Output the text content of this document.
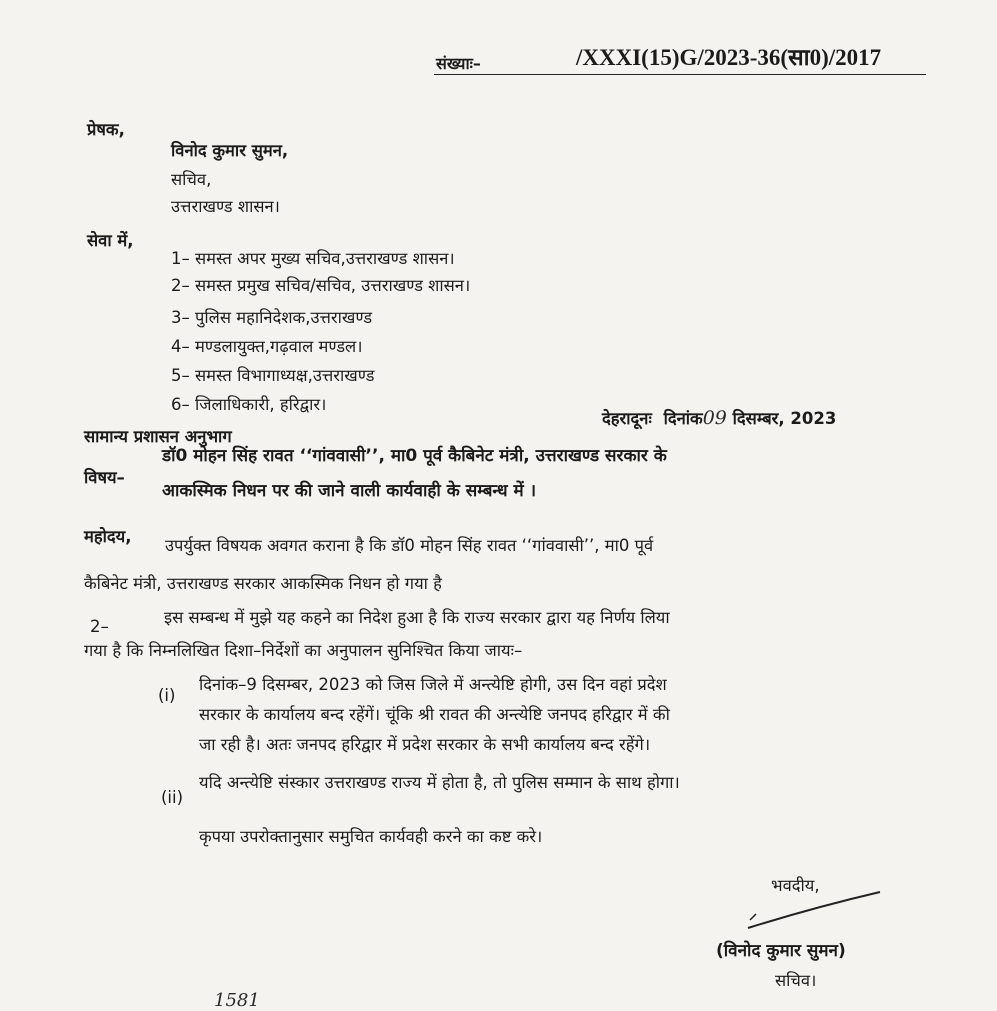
संख्याः–	/XXXI(15)G/2023-36(सा0)/2017
प्रेषक,
विनोद कुमार सुमन,
सचिव,
उत्तराखण्ड शासन।
सेवा में,
1– समस्त अपर मुख्य सचिव,उत्तराखण्ड शासन।
2– समस्त प्रमुख सचिव/सचिव, उत्तराखण्ड शासन।
3– पुलिस महानिदेशक,उत्तराखण्ड
4– मण्डलायुक्त,गढ़वाल मण्डल।
5– समस्त विभागाध्यक्ष,उत्तराखण्ड
6– जिलाधिकारी, हरिद्वार।
सामान्य प्रशासन अनुभाग
देहरादूनः दिनांक09 दिसम्बर, 2023
विषय–
डॉ0 मोहन सिंह रावत ‘‘गांववासी’’, मा0 पूर्व कैबिनेट मंत्री, उत्तराखण्ड सरकार के
आकस्मिक निधन पर की जाने वाली कार्यवाही के सम्बन्ध में ।
महोदय, उपर्युक्त विषयक अवगत कराना है कि डॉ0 मोहन सिंह रावत ‘‘गांववासी’’, मा0 पूर्व
कैबिनेट मंत्री, उत्तराखण्ड सरकार आकस्मिक निधन हो गया है
2–	इस सम्बन्ध में मुझे यह कहने का निदेश हुआ है कि राज्य सरकार द्वारा यह निर्णय लिया
गया है कि निम्नलिखित दिशा–निर्देशों का अनुपालन सुनिश्चित किया जायः–
(i)
दिनांक–9 दिसम्बर, 2023 को जिस जिले में अन्त्येष्टि होगी, उस दिन वहां प्रदेश
सरकार के कार्यालय बन्द रहेंगें। चूंकि श्री रावत की अन्त्येष्टि जनपद हरिद्वार में की
जा रही है। अतः जनपद हरिद्वार में प्रदेश सरकार के सभी कार्यालय बन्द रहेंगे।
(ii)
यदि अन्त्येष्टि संस्कार उत्तराखण्ड राज्य में होता है, तो पुलिस सम्मान के साथ होगा।
कृपया उपरोक्तानुसार समुचित कार्यवही करने का कष्ट करे।
भवदीय,
(विनोद कुमार सुमन)
सचिव।
1581
